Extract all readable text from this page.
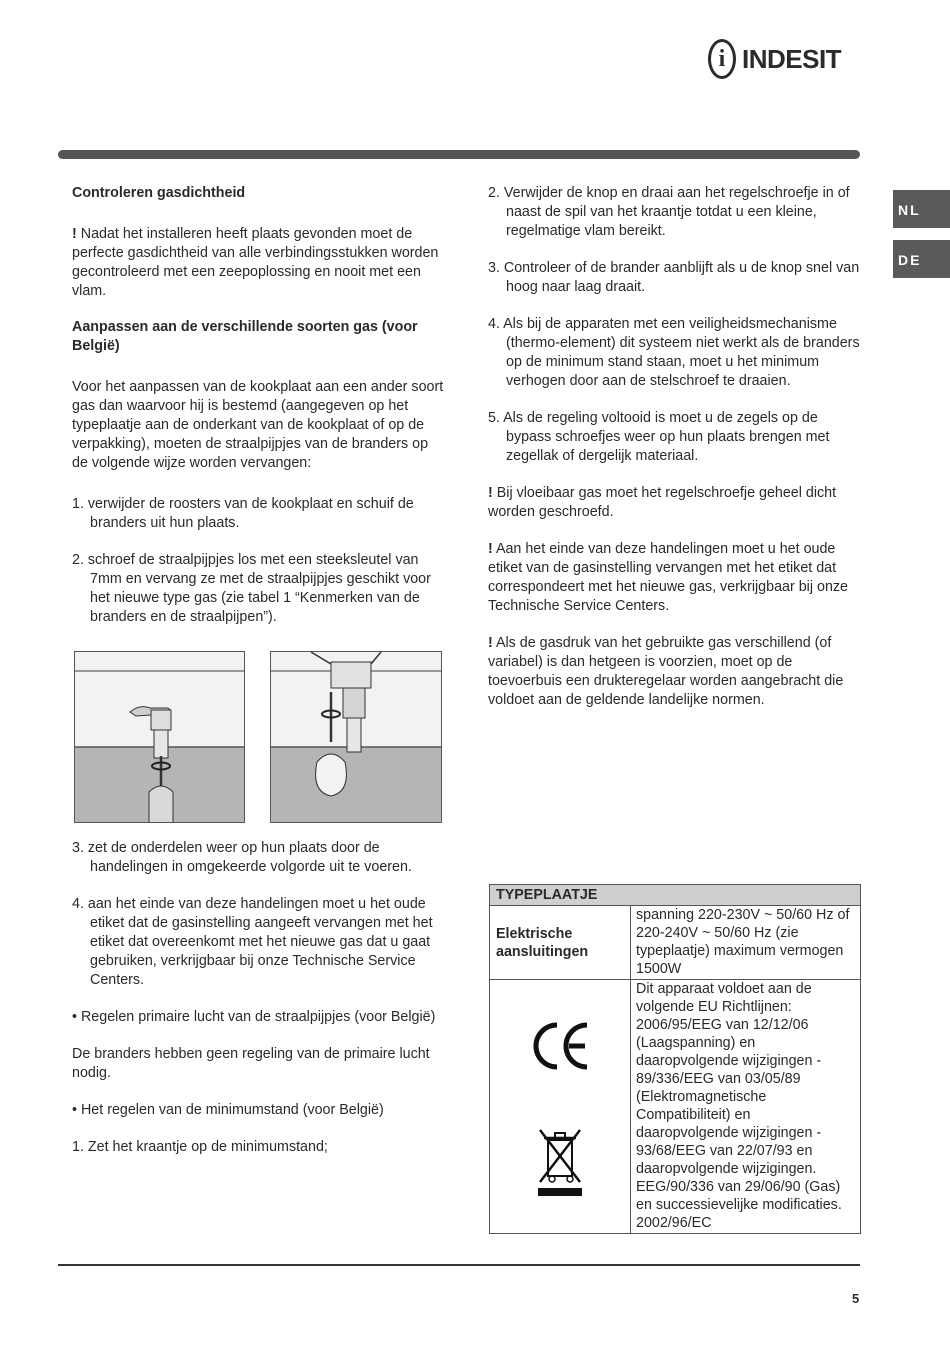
i INDESIT
NL
DE
Controleren gasdichtheid

! Nadat het installeren heeft plaats gevonden moet de perfecte gasdichtheid van alle verbindingsstukken worden gecontroleerd met een zeepoplossing en nooit met een vlam.

Aanpassen aan de verschillende soorten gas (voor België)

Voor het aanpassen van de kookplaat aan een ander soort gas dan waarvoor hij is bestemd (aangegeven op het typeplaatje aan de onderkant van de kookplaat of op de verpakking), moeten de straalpijpjes van de branders op de volgende wijze worden vervangen:

1. verwijder de roosters van de kookplaat en schuif de branders uit hun plaats.

2. schroef de straalpijpjes los met een steeksleutel van 7mm en vervang ze met de straalpijpjes geschikt voor het nieuwe type gas (zie tabel 1 “Kenmerken van de branders en de straalpijpen”).

3. zet de onderdelen weer op hun plaats door de handelingen in omgekeerde volgorde uit te voeren.

4. aan het einde van deze handelingen moet u het oude etiket dat de gasinstelling aangeeft vervangen met het etiket dat overeenkomt met het nieuwe gas dat u gaat gebruiken, verkrijgbaar bij onze Technische Service Centers.

• Regelen primaire lucht van de straalpijpjes (voor België)

De branders hebben geen regeling van de primaire lucht nodig.

• Het regelen van de minimumstand (voor België)

1. Zet het kraantje op de minimumstand;

2. Verwijder de knop en draai aan het regelschroefje in of naast de spil van het kraantje totdat u een kleine, regelmatige vlam bereikt.

3. Controleer of de brander aanblijft als u de knop snel van hoog naar laag draait.

4. Als bij de apparaten met een veiligheidsmechanisme (thermo-element) dit systeem niet werkt als de branders op de minimum stand staan, moet u het minimum verhogen door aan de stelschroef te draaien.

5. Als de regeling voltooid is moet u de zegels op de bypass schroefjes weer op hun plaats brengen met zegellak of dergelijk materiaal.

! Bij vloeibaar gas moet het regelschroefje geheel dicht worden geschroefd.

! Aan het einde van deze handelingen moet u het oude etiket van de gasinstelling vervangen met het etiket dat correspondeert met het nieuwe gas, verkrijgbaar bij onze Technische Service Centers.

! Als de gasdruk van het gebruikte gas verschillend (of variabel) is dan hetgeen is voorzien, moet op de toevoerbuis een drukteregelaar worden aangebracht die voldoet aan de geldende landelijke normen.

TYPEPLAATJE	
Elektrische aansluitingen	spanning 220-230V ~ 50/60 Hz of 220-240V ~ 50/60 Hz (zie typeplaatje) maximum vermogen 1500W

	Dit apparaat voldoet aan de volgende EU Richtlijnen: 2006/95/EEG van 12/12/06 (Laagspanning) en daaropvolgende wijzigingen - 89/336/EEG van 03/05/89 (Elektromagnetische Compatibiliteit) en daaropvolgende wijzigingen - 93/68/EEG van 22/07/93 en daaropvolgende wijzigingen. EEG/90/336 van 29/06/90 (Gas) en successievelijke modificaties. 2002/96/EC
5
